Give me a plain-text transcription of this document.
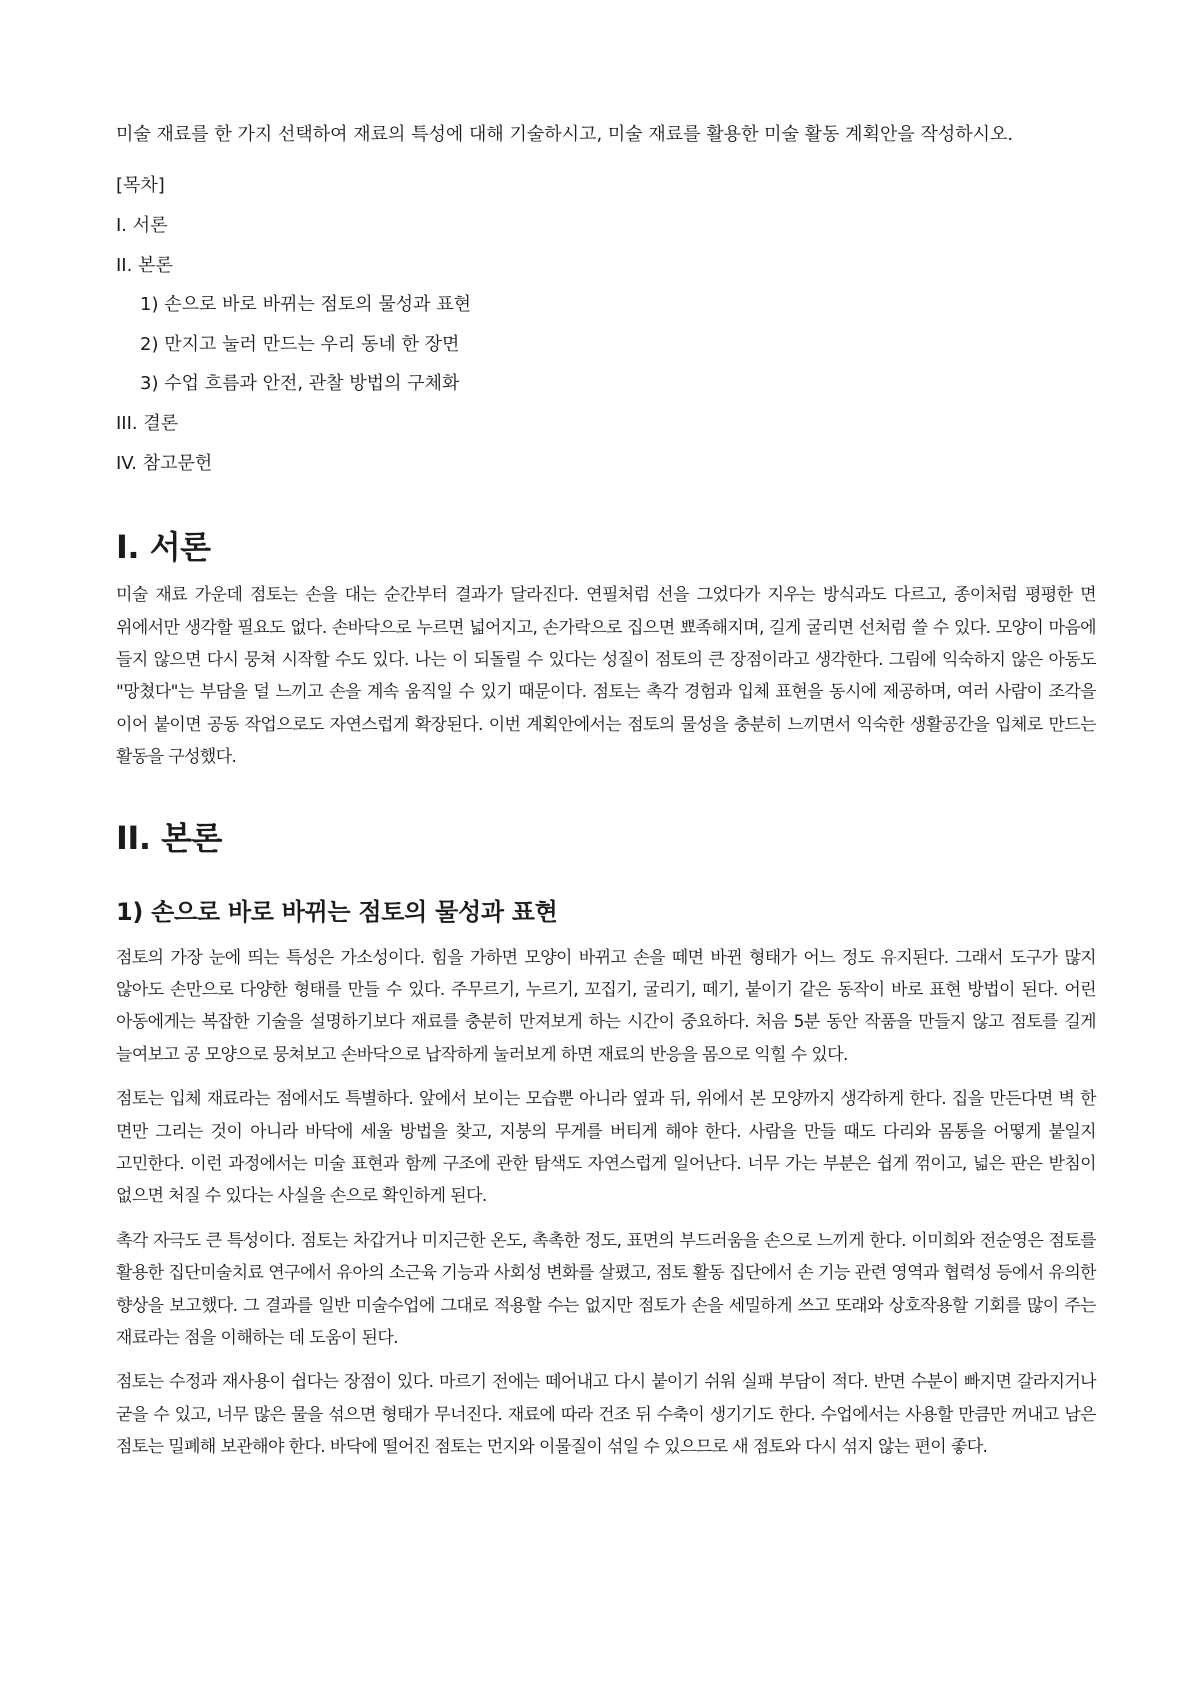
미술 재료를 한 가지 선택하여 재료의 특성에 대해 기술하시고, 미술 재료를 활용한 미술 활동 계획안을 작성하시오.

[목차]

I. 서론
II. 본론
1) 손으로 바로 바뀌는 점토의 물성과 표현
2) 만지고 눌러 만드는 우리 동네 한 장면
3) 수업 흐름과 안전, 관찰 방법의 구체화
III. 결론
IV. 참고문헌
I. 서론

미술 재료 가운데 점토는 손을 대는 순간부터 결과가 달라진다. 연필처럼 선을 그었다가 지우는 방식과도 다르고, 종이처럼 평평한 면 위에서만 생각할 필요도 없다. 손바닥으로 누르면 넓어지고, 손가락으로 집으면 뾰족해지며, 길게 굴리면 선처럼 쓸 수 있다. 모양이 마음에 들지 않으면 다시 뭉쳐 시작할 수도 있다. 나는 이 되돌릴 수 있다는 성질이 점토의 큰 장점이라고 생각한다. 그림에 익숙하지 않은 아동도 "망쳤다"는 부담을 덜 느끼고 손을 계속 움직일 수 있기 때문이다. 점토는 촉각 경험과 입체 표현을 동시에 제공하며, 여러 사람이 조각을 이어 붙이면 공동 작업으로도 자연스럽게 확장된다. 이번 계획안에서는 점토의 물성을 충분히 느끼면서 익숙한 생활공간을 입체로 만드는 활동을 구성했다.

II. 본론
1) 손으로 바로 바뀌는 점토의 물성과 표현

점토의 가장 눈에 띄는 특성은 가소성이다. 힘을 가하면 모양이 바뀌고 손을 떼면 바뀐 형태가 어느 정도 유지된다. 그래서 도구가 많지 않아도 손만으로 다양한 형태를 만들 수 있다. 주무르기, 누르기, 꼬집기, 굴리기, 떼기, 붙이기 같은 동작이 바로 표현 방법이 된다. 어린 아동에게는 복잡한 기술을 설명하기보다 재료를 충분히 만져보게 하는 시간이 중요하다. 처음 5분 동안 작품을 만들지 않고 점토를 길게 늘여보고 공 모양으로 뭉쳐보고 손바닥으로 납작하게 눌러보게 하면 재료의 반응을 몸으로 익힐 수 있다.

점토는 입체 재료라는 점에서도 특별하다. 앞에서 보이는 모습뿐 아니라 옆과 뒤, 위에서 본 모양까지 생각하게 한다. 집을 만든다면 벽 한 면만 그리는 것이 아니라 바닥에 세울 방법을 찾고, 지붕의 무게를 버티게 해야 한다. 사람을 만들 때도 다리와 몸통을 어떻게 붙일지 고민한다. 이런 과정에서는 미술 표현과 함께 구조에 관한 탐색도 자연스럽게 일어난다. 너무 가는 부분은 쉽게 꺾이고, 넓은 판은 받침이 없으면 처질 수 있다는 사실을 손으로 확인하게 된다.

촉각 자극도 큰 특성이다. 점토는 차갑거나 미지근한 온도, 촉촉한 정도, 표면의 부드러움을 손으로 느끼게 한다. 이미희와 전순영은 점토를 활용한 집단미술치료 연구에서 유아의 소근육 기능과 사회성 변화를 살폈고, 점토 활동 집단에서 손 기능 관련 영역과 협력성 등에서 유의한 향상을 보고했다. 그 결과를 일반 미술수업에 그대로 적용할 수는 없지만 점토가 손을 세밀하게 쓰고 또래와 상호작용할 기회를 많이 주는 재료라는 점을 이해하는 데 도움이 된다.

점토는 수정과 재사용이 쉽다는 장점이 있다. 마르기 전에는 떼어내고 다시 붙이기 쉬워 실패 부담이 적다. 반면 수분이 빠지면 갈라지거나 굳을 수 있고, 너무 많은 물을 섞으면 형태가 무너진다. 재료에 따라 건조 뒤 수축이 생기기도 한다. 수업에서는 사용할 만큼만 꺼내고 남은 점토는 밀폐해 보관해야 한다. 바닥에 떨어진 점토는 먼지와 이물질이 섞일 수 있으므로 새 점토와 다시 섞지 않는 편이 좋다.
